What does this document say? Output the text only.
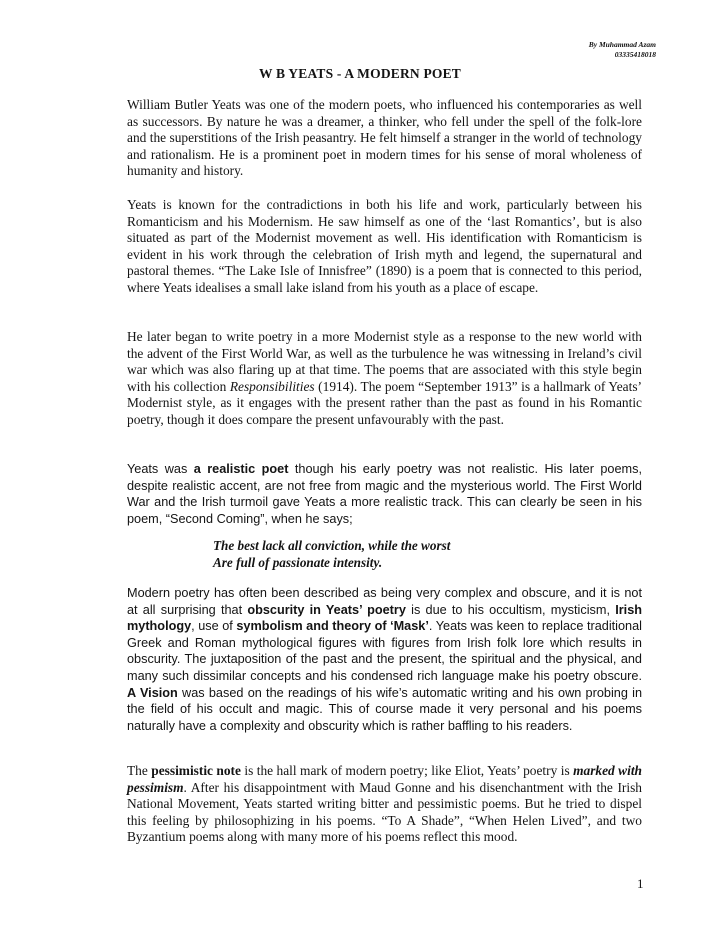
By Muhammad Azam
03335418018
W B YEATS - A MODERN POET

William Butler Yeats was one of the modern poets, who influenced his contemporaries as well as successors. By nature he was a dreamer, a thinker, who fell under the spell of the folk-lore and the superstitions of the Irish peasantry. He felt himself a stranger in the world of technology and rationalism. He is a prominent poet in modern times for his sense of moral wholeness of humanity and history.

Yeats is known for the contradictions in both his life and work, particularly between his Romanticism and his Modernism. He saw himself as one of the ‘last Romantics’, but is also situated as part of the Modernist movement as well. His identification with Romanticism is evident in his work through the celebration of Irish myth and legend, the supernatural and pastoral themes. “The Lake Isle of Innisfree” (1890) is a poem that is connected to this period, where Yeats idealises a small lake island from his youth as a place of escape.

He later began to write poetry in a more Modernist style as a response to the new world with the advent of the First World War, as well as the turbulence he was witnessing in Ireland’s civil war which was also flaring up at that time. The poems that are associated with this style begin with his collection Responsibilities (1914). The poem “September 1913” is a hallmark of Yeats’ Modernist style, as it engages with the present rather than the past as found in his Romantic poetry, though it does compare the present unfavourably with the past.

Yeats was a realistic poet though his early poetry was not realistic. His later poems, despite realistic accent, are not free from magic and the mysterious world. The First World War and the Irish turmoil gave Yeats a more realistic track. This can clearly be seen in his poem, “Second Coming”, when he says;

The best lack all conviction, while the worst
Are full of passionate intensity.

Modern poetry has often been described as being very complex and obscure, and it is not at all surprising that obscurity in Yeats’ poetry is due to his occultism, mysticism, Irish mythology, use of symbolism and theory of ‘Mask’. Yeats was keen to replace traditional Greek and Roman mythological figures with figures from Irish folk lore which results in obscurity. The juxtaposition of the past and the present, the spiritual and the physical, and many such dissimilar concepts and his condensed rich language make his poetry obscure. A Vision was based on the readings of his wife’s automatic writing and his own probing in the field of his occult and magic. This of course made it very personal and his poems naturally have a complexity and obscurity which is rather baffling to his readers.

The pessimistic note is the hall mark of modern poetry; like Eliot, Yeats’ poetry is marked with pessimism. After his disappointment with Maud Gonne and his disenchantment with the Irish National Movement, Yeats started writing bitter and pessimistic poems. But he tried to dispel this feeling by philosophizing in his poems. “To A Shade”, “When Helen Lived”, and two Byzantium poems along with many more of his poems reflect this mood.

1
